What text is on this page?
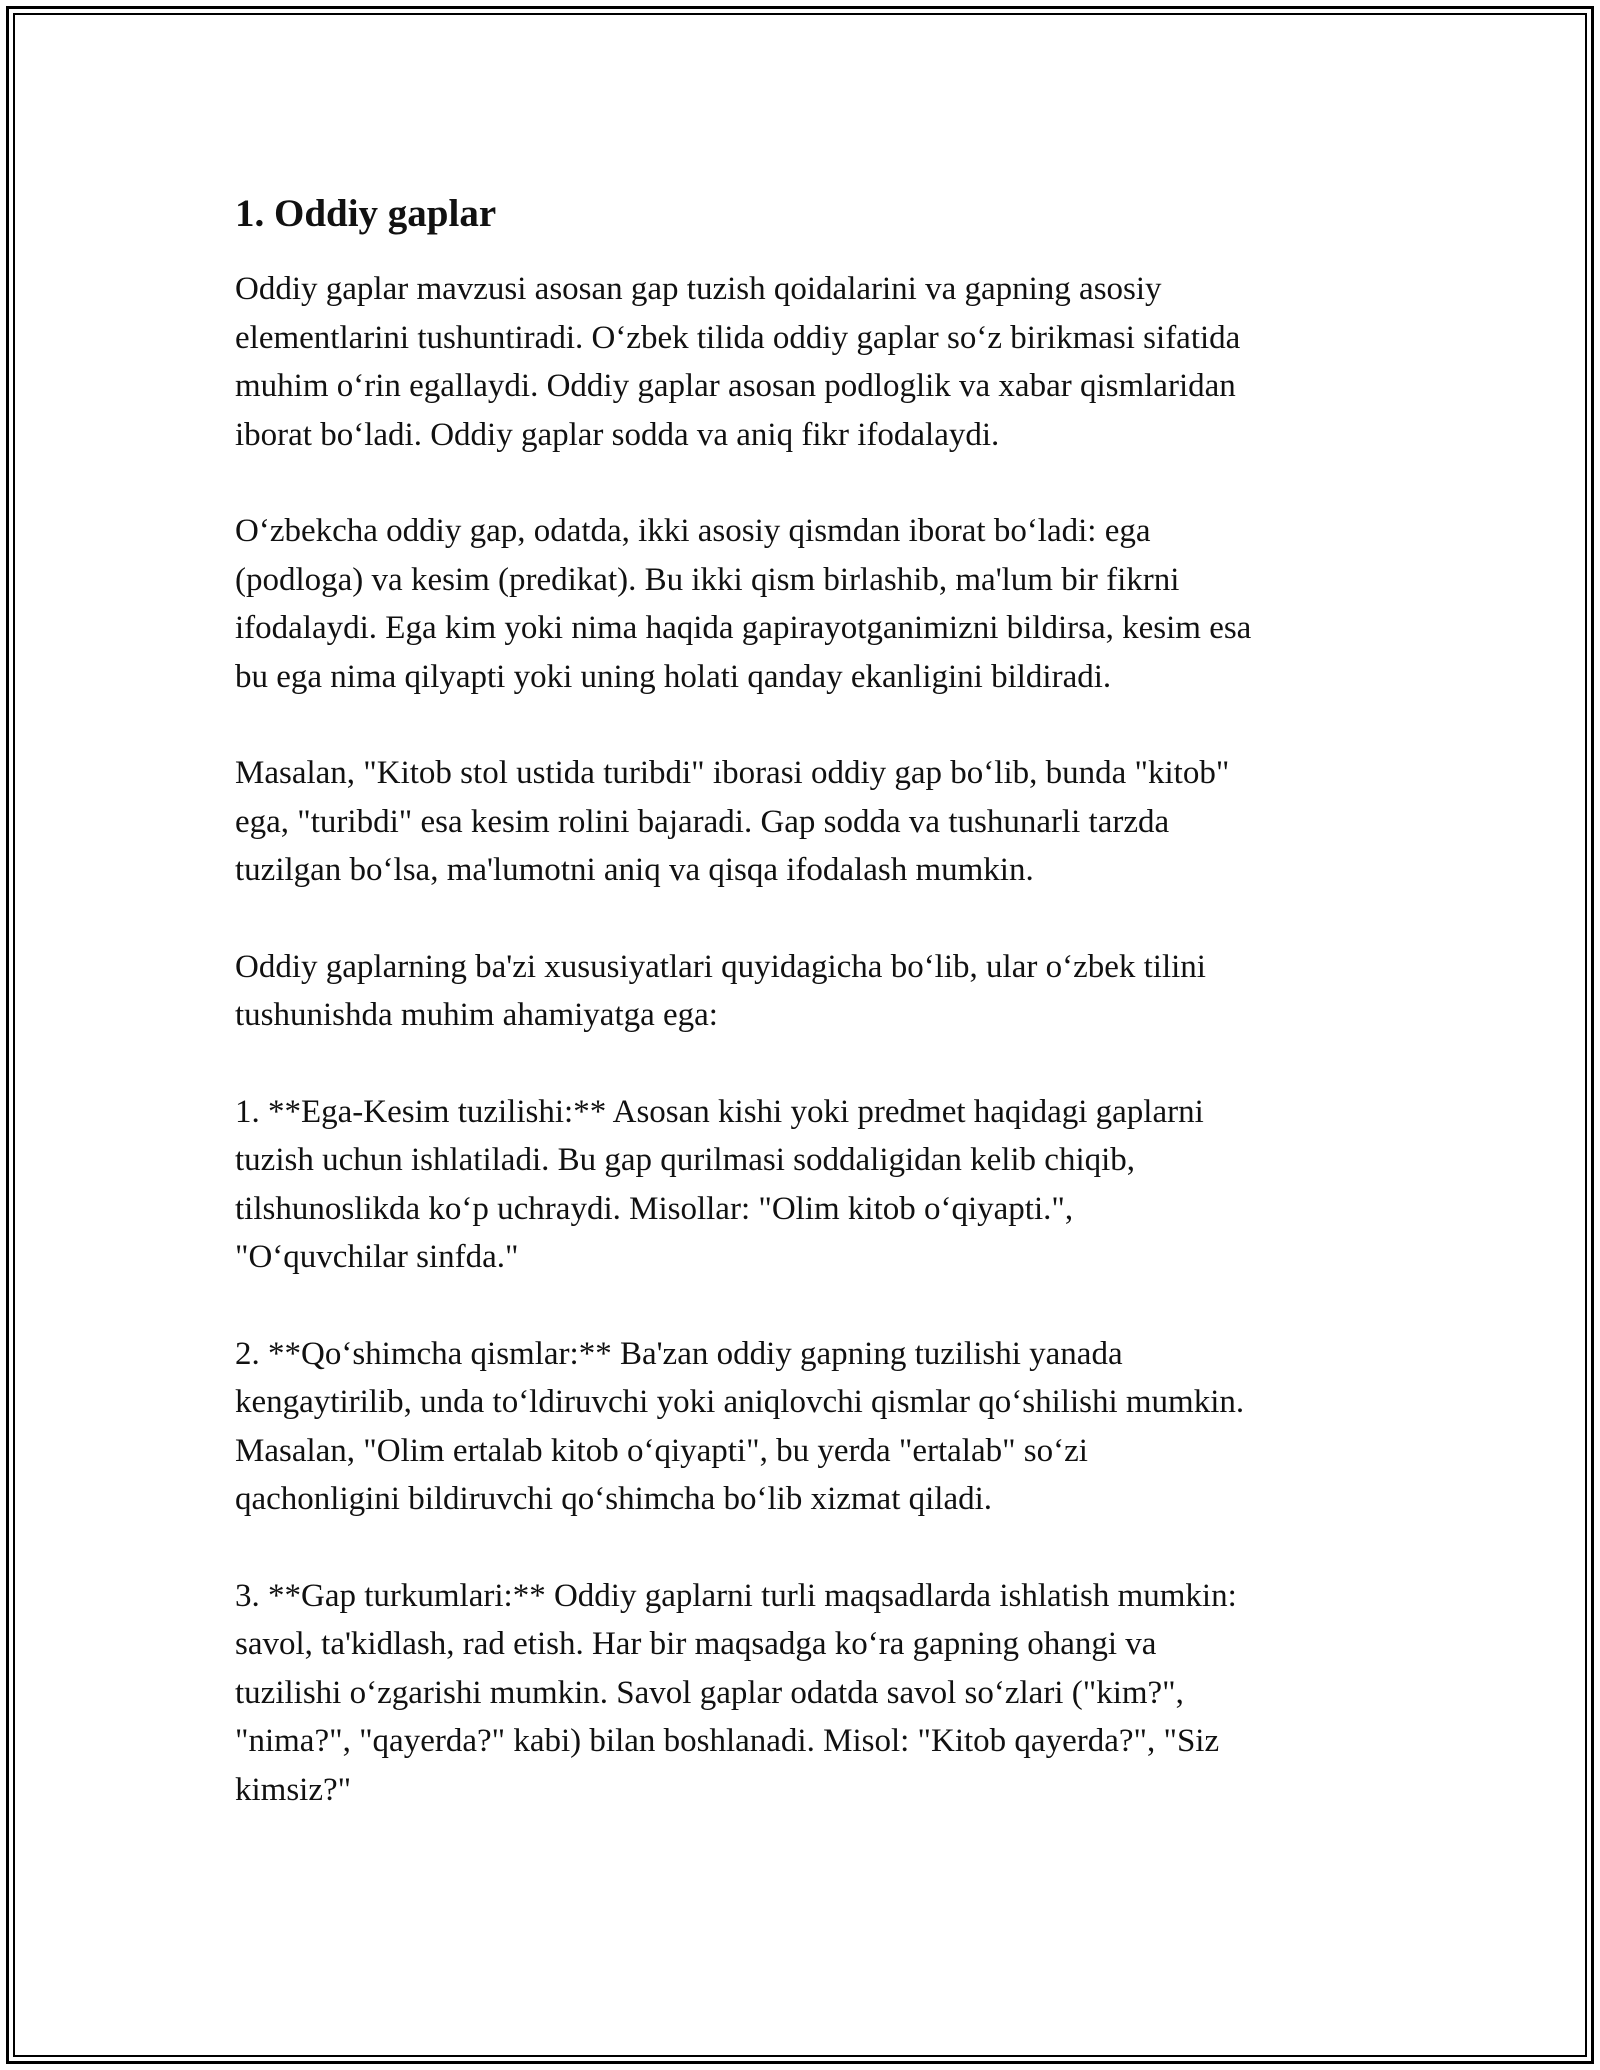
1. Oddiy gaplar

Oddiy gaplar mavzusi asosan gap tuzish qoidalarini va gapning asosiy
elementlarini tushuntiradi. O‘zbek tilida oddiy gaplar so‘z birikmasi sifatida
muhim o‘rin egallaydi. Oddiy gaplar asosan podloglik va xabar qismlaridan
iborat bo‘ladi. Oddiy gaplar sodda va aniq fikr ifodalaydi.

O‘zbekcha oddiy gap, odatda, ikki asosiy qismdan iborat bo‘ladi: ega
(podloga) va kesim (predikat). Bu ikki qism birlashib, ma'lum bir fikrni
ifodalaydi. Ega kim yoki nima haqida gapirayotganimizni bildirsa, kesim esa
bu ega nima qilyapti yoki uning holati qanday ekanligini bildiradi.

Masalan, "Kitob stol ustida turibdi" iborasi oddiy gap bo‘lib, bunda "kitob"
ega, "turibdi" esa kesim rolini bajaradi. Gap sodda va tushunarli tarzda
tuzilgan bo‘lsa, ma'lumotni aniq va qisqa ifodalash mumkin.

Oddiy gaplarning ba'zi xususiyatlari quyidagicha bo‘lib, ular o‘zbek tilini
tushunishda muhim ahamiyatga ega:

1. **Ega-Kesim tuzilishi:** Asosan kishi yoki predmet haqidagi gaplarni
tuzish uchun ishlatiladi. Bu gap qurilmasi soddaligidan kelib chiqib,
tilshunoslikda ko‘p uchraydi. Misollar: "Olim kitob o‘qiyapti.",
"O‘quvchilar sinfda."

2. **Qo‘shimcha qismlar:** Ba'zan oddiy gapning tuzilishi yanada
kengaytirilib, unda to‘ldiruvchi yoki aniqlovchi qismlar qo‘shilishi mumkin.
Masalan, "Olim ertalab kitob o‘qiyapti", bu yerda "ertalab" so‘zi
qachonligini bildiruvchi qo‘shimcha bo‘lib xizmat qiladi.

3. **Gap turkumlari:** Oddiy gaplarni turli maqsadlarda ishlatish mumkin:
savol, ta'kidlash, rad etish. Har bir maqsadga ko‘ra gapning ohangi va
tuzilishi o‘zgarishi mumkin. Savol gaplar odatda savol so‘zlari ("kim?",
"nima?", "qayerda?" kabi) bilan boshlanadi. Misol: "Kitob qayerda?", "Siz
kimsiz?"
